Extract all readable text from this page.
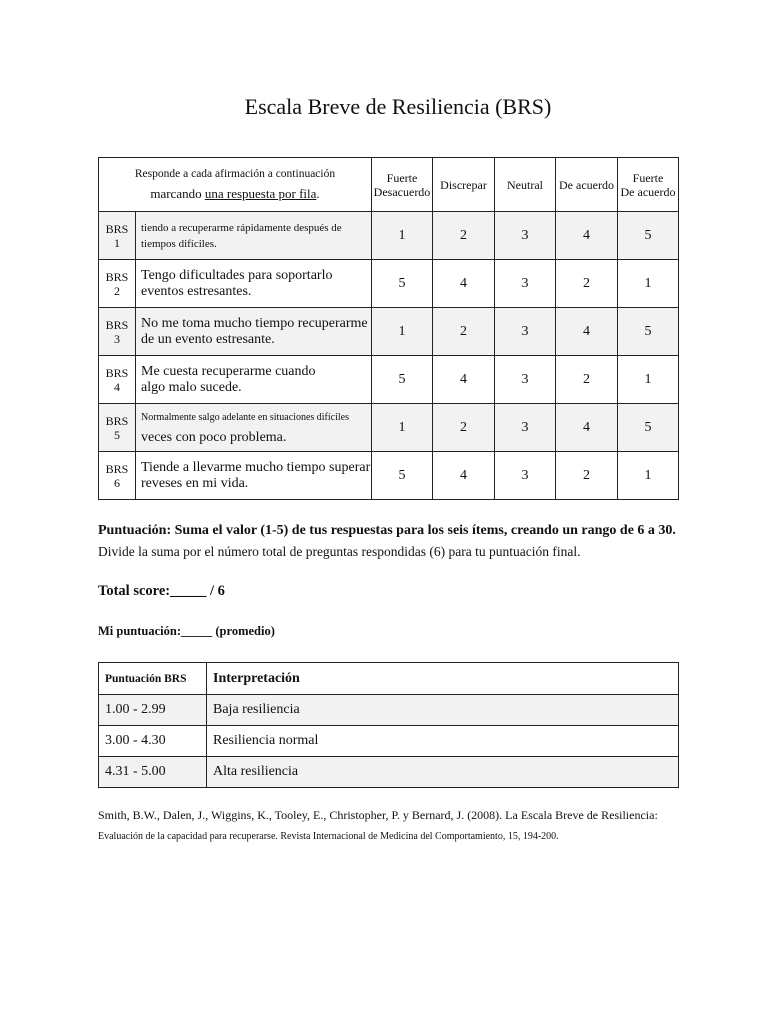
Escala Breve de Resiliencia (BRS)
Responde a cada afirmación a continuación
marcando una respuesta por fila.		Fuerte
Desacuerdo	Discrepar	Neutral	De acuerdo	Fuerte
De acuerdo
BRS
1	tiendo a recuperarme rápidamente después de
tiempos difíciles.	1	2	3	4	5
BRS
2	Tengo dificultades para soportarlo
eventos estresantes.	5	4	3	2	1
BRS
3	No me toma mucho tiempo recuperarme
de un evento estresante.	1	2	3	4	5
BRS
4	Me cuesta recuperarme cuando
algo malo sucede.	5	4	3	2	1
BRS
5	Normalmente salgo adelante en situaciones difíciles
veces con poco problema.	1	2	3	4	5
BRS
6	Tiende a llevarme mucho tiempo superar
reveses en mi vida.	5	4	3	2	1
Puntuación: Suma el valor (1-5) de tus respuestas para los seis ítems, creando un rango de 6 a 30.
Divide la suma por el número total de preguntas respondidas (6) para tu puntuación final.
Total score:_____ / 6
Mi puntuación:_____ (promedio)
Puntuación BRS	Interpretación
1.00 - 2.99	Baja resiliencia
3.00 - 4.30	Resiliencia normal
4.31 - 5.00	Alta resiliencia
Smith, B.W., Dalen, J., Wiggins, K., Tooley, E., Christopher, P. y Bernard, J. (2008). La Escala Breve de Resiliencia:
Evaluación de la capacidad para recuperarse. Revista Internacional de Medicina del Comportamiento, 15, 194-200.
